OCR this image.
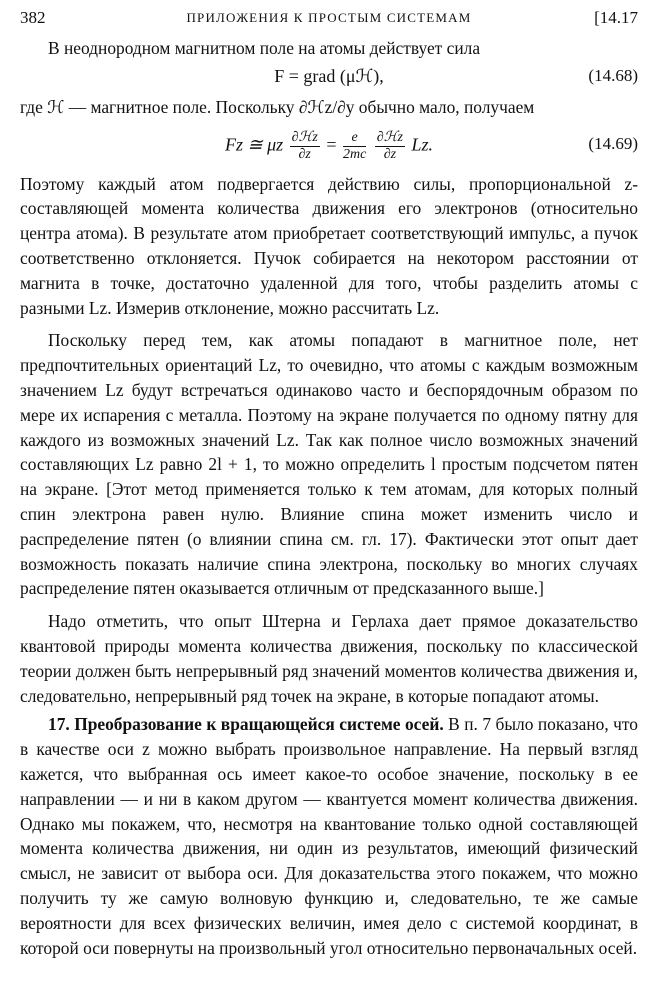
382	ПРИЛОЖЕНИЯ К ПРОСТЫМ СИСТЕМАМ	[14.17

В неоднородном магнитном поле на атомы действует сила

F = grad (μℋ),	(14.68)

где ℋ — магнитное поле. Поскольку ∂ℋz/∂y обычно мало, получаем

Fz ≅ μz $\frac{\text{∂ℋz}}{\partial z} = \frac{e}{2mc}$
$\frac{\text{∂ℋz}}{\partial z} Lz$.	(14.69)

Поэтому каждый атом подвергается действию силы, пропорциональной z-составляющей момента количества движения его электронов (относительно центра атома). В результате атом приобретает соответствующий импульс, а пучок соответственно отклоняется. Пучок собирается на некотором расстоянии от магнита в точке, достаточно удаленной для того, чтобы разделить атомы с разными Lz. Измерив отклонение, можно рассчитать Lz.

Поскольку перед тем, как атомы попадают в магнитное поле, нет предпочтительных ориентаций Lz, то очевидно, что атомы с каждым возможным значением Lz будут встречаться одинаково часто и беспорядочным образом по мере их испарения с металла. Поэтому на экране получается по одному пятну для каждого из возможных значений Lz. Так как полное число возможных значений составляющих Lz равно 2l + 1, то можно определить l простым подсчетом пятен на экране. [Этот метод применяется только к тем атомам, для которых полный спин электрона равен нулю. Влияние спина может изменить число и распределение пятен (о влиянии спина см. гл. 17). Фактически этот опыт дает возможность показать наличие спина электрона, поскольку во многих случаях распределение пятен оказывается отличным от предсказанного выше.]

Надо отметить, что опыт Штерна и Герлаха дает прямое доказательство квантовой природы момента количества движения, поскольку по классической теории должен быть непрерывный ряд значений моментов количества движения и, следовательно, непрерывный ряд точек на экране, в которые попадают атомы.

17. Преобразование к вращающейся системе осей. В п. 7 было показано, что в качестве оси z можно выбрать произвольное направление. На первый взгляд кажется, что выбранная ось имеет какое-то особое значение, поскольку в ее направлении — и ни в каком другом — квантуется момент количества движения. Однако мы покажем, что, несмотря на квантование только одной составляющей момента количества движения, ни один из результатов, имеющий физический смысл, не зависит от выбора оси. Для доказательства этого покажем, что можно получить ту же самую волновую функцию и, следовательно, те же самые вероятности для всех физических величин, имея дело с системой координат, в которой оси повернуты на произвольный угол относительно первоначальных осей.
